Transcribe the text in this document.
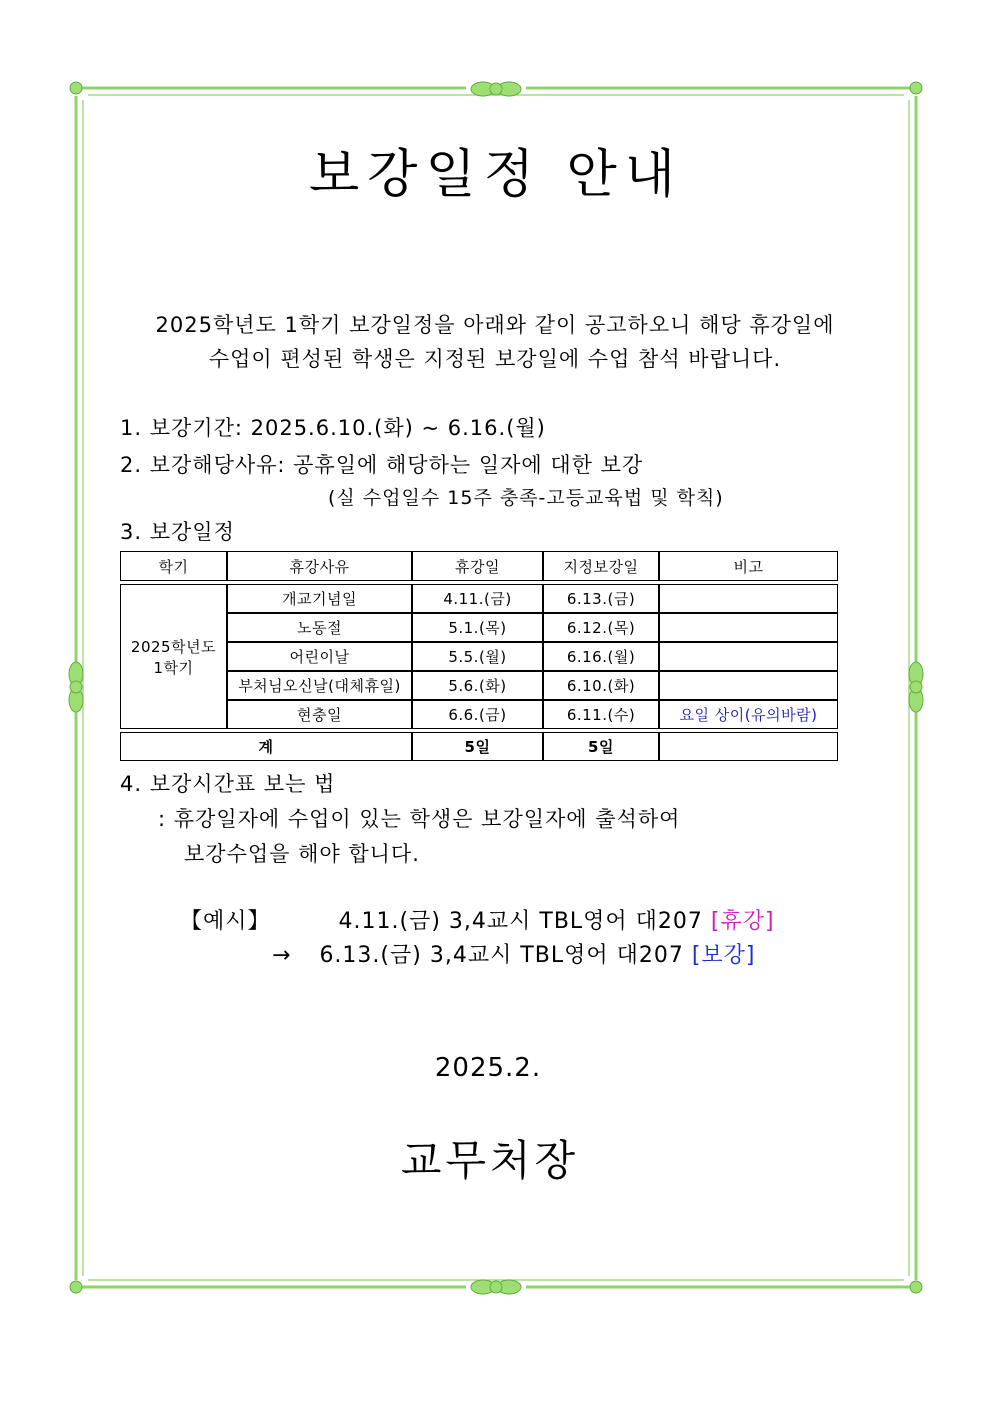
보강일정 안내
2025학년도 1학기 보강일정을 아래와 같이 공고하오니 해당 휴강일에
수업이 편성된 학생은 지정된 보강일에 수업 참석 바랍니다.
1. 보강기간: 2025.6.10.(화) ~ 6.16.(월)
2. 보강해당사유: 공휴일에 해당하는 일자에 대한 보강
(실 수업일수 15주 충족-고등교육법 및 학칙)
3. 보강일정
학기	휴강사유	휴강일	지정보강일	비고

2025학년도
1학기	개교기념일	4.11.(금)	6.13.(금)	
	노동절	5.1.(목)	6.12.(목)	
	어린이날	5.5.(월)	6.16.(월)	
	부처님오신날(대체휴일)	5.6.(화)	6.10.(화)	
	현충일	6.6.(금)	6.11.(수)	요일 상이(유의바람)

계		5일	5일	
4. 보강시간표 보는 법
: 휴강일자에 수업이 있는 학생은 보강일자에 출석하여
보강수업을 해야 합니다.
【예시】	4.11.(금) 3,4교시 TBL영어 대207 [휴강]
→ 6.13.(금) 3,4교시 TBL영어 대207 [보강]
2025.2.
교무처장
